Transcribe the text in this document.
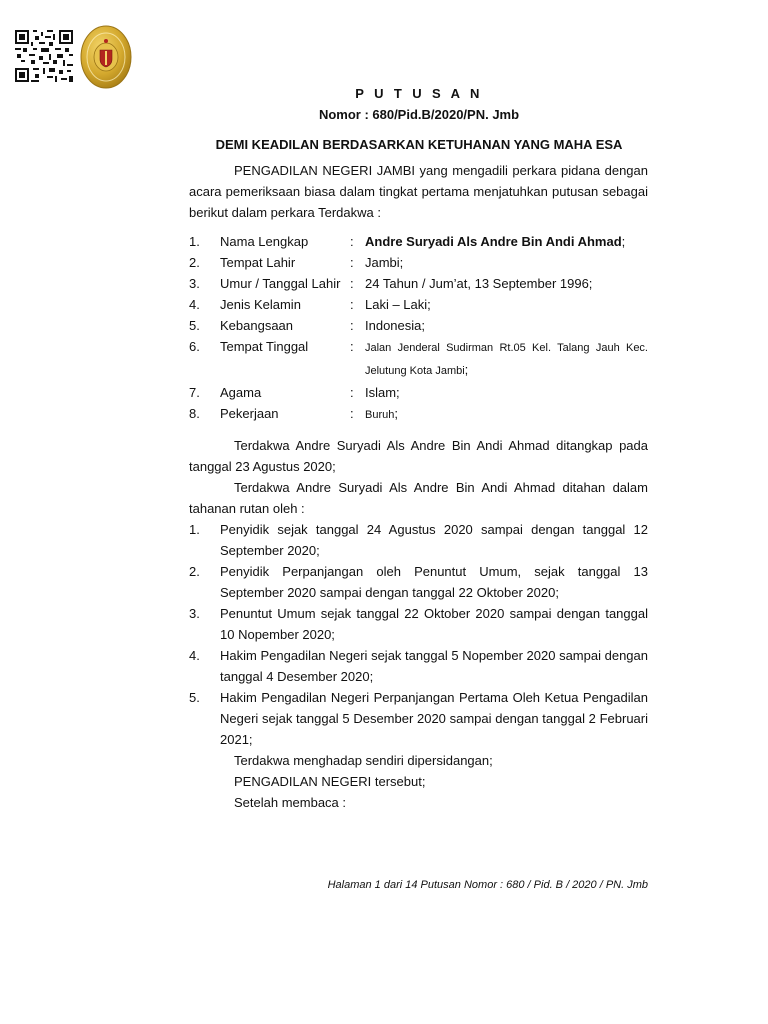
P U T U S A N
Nomor : 680/Pid.B/2020/PN. Jmb
DEMI KEADILAN BERDASARKAN KETUHANAN YANG MAHA ESA

PENGADILAN NEGERI JAMBI yang mengadili perkara pidana dengan acara pemeriksaan biasa dalam tingkat pertama menjatuhkan putusan sebagai berikut dalam perkara Terdakwa :

1.	Nama Lengkap	:	Andre Suryadi Als Andre Bin Andi Ahmad;
2.	Tempat Lahir	:	Jambi;
3.	Umur / Tanggal Lahir	:	24 Tahun / Jum’at, 13 September 1996;
4.	Jenis Kelamin	:	Laki – Laki;
5.	Kebangsaan	:	Indonesia;
6.	Tempat Tinggal	:	Jalan Jenderal Sudirman Rt.05 Kel. Talang Jauh Kec. Jelutung Kota Jambi;
7.	Agama	:	Islam;
8.	Pekerjaan	:	Buruh;

Terdakwa Andre Suryadi Als Andre Bin Andi Ahmad ditangkap pada tanggal 23 Agustus 2020;

Terdakwa Andre Suryadi Als Andre Bin Andi Ahmad ditahan dalam tahanan rutan oleh :

1.	Penyidik sejak tanggal 24 Agustus 2020 sampai dengan tanggal 12 September 2020;
2.	Penyidik Perpanjangan oleh Penuntut Umum, sejak tanggal 13 September 2020 sampai dengan tanggal 22 Oktober 2020;
3.	Penuntut Umum sejak tanggal 22 Oktober 2020 sampai dengan tanggal 10 Nopember 2020;
4.	Hakim Pengadilan Negeri sejak tanggal 5 Nopember 2020 sampai dengan tanggal 4 Desember 2020;
5.	Hakim Pengadilan Negeri Perpanjangan Pertama Oleh Ketua Pengadilan Negeri sejak tanggal 5 Desember 2020 sampai dengan tanggal 2 Februari 2021;
Terdakwa menghadap sendiri dipersidangan;
PENGADILAN NEGERI tersebut;
Setelah membaca :
Halaman 1 dari 14 Putusan Nomor : 680 / Pid. B / 2020 / PN. Jmb
